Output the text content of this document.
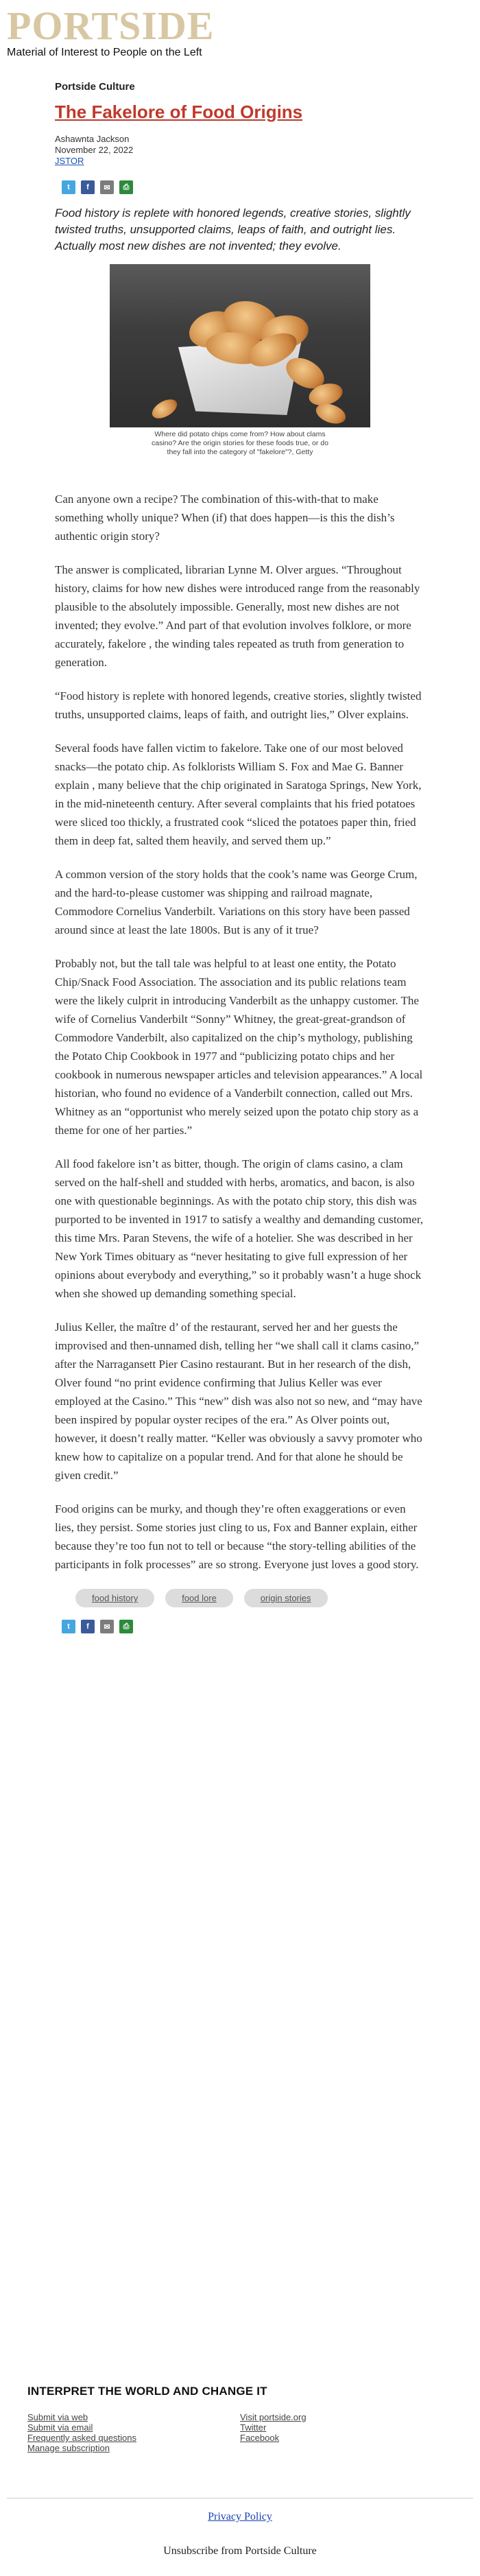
PORTSIDE
Material of Interest to People on the Left
Portside Culture
The Fakelore of Food Origins
Ashawnta Jackson
November 22, 2022
JSTOR
t f ✉ ⎙

Food history is replete with honored legends, creative stories, slightly twisted truths, unsupported claims, leaps of faith, and outright lies. Actually most new dishes are not invented; they evolve.

Where did potato chips come from? How about clams casino? Are the origin stories for these foods true, or do they fall into the category of "fakelore"?, Getty

Can anyone own a recipe? The combination of this-with-that to make something wholly unique? When (if) that does happen—is this the dish’s authentic origin story?

The answer is complicated, librarian Lynne M. Olver argues. “Throughout history, claims for how new dishes were introduced range from the reasonably plausible to the absolutely impossible. Generally, most new dishes are not invented; they evolve.” And part of that evolution involves folklore, or more accurately, fakelore , the winding tales repeated as truth from generation to generation.

“Food history is replete with honored legends, creative stories, slightly twisted truths, unsupported claims, leaps of faith, and outright lies,” Olver explains.

Several foods have fallen victim to fakelore. Take one of our most beloved snacks—the potato chip. As folklorists William S. Fox and Mae G. Banner explain , many believe that the chip originated in Saratoga Springs, New York, in the mid-nineteenth century. After several complaints that his fried potatoes were sliced too thickly, a frustrated cook “sliced the potatoes paper thin, fried them in deep fat, salted them heavily, and served them up.”

A common version of the story holds that the cook’s name was George Crum, and the hard-to-please customer was shipping and railroad magnate, Commodore Cornelius Vanderbilt. Variations on this story have been passed around since at least the late 1800s. But is any of it true?

Probably not, but the tall tale was helpful to at least one entity, the Potato Chip/Snack Food Association. The association and its public relations team were the likely culprit in introducing Vanderbilt as the unhappy customer. The wife of Cornelius Vanderbilt “Sonny” Whitney, the great-great-grandson of Commodore Vanderbilt, also capitalized on the chip’s mythology, publishing the Potato Chip Cookbook in 1977 and “publicizing potato chips and her cookbook in numerous newspaper articles and television appearances.” A local historian, who found no evidence of a Vanderbilt connection, called out Mrs. Whitney as an “opportunist who merely seized upon the potato chip story as a theme for one of her parties.”

All food fakelore isn’t as bitter, though. The origin of clams casino, a clam served on the half-shell and studded with herbs, aromatics, and bacon, is also one with questionable beginnings. As with the potato chip story, this dish was purported to be invented in 1917 to satisfy a wealthy and demanding customer, this time Mrs. Paran Stevens, the wife of a hotelier. She was described in her New York Times obituary as “never hesitating to give full expression of her opinions about everybody and everything,” so it probably wasn’t a huge shock when she showed up demanding something special.

Julius Keller, the maître d’ of the restaurant, served her and her guests the improvised and then-unnamed dish, telling her “we shall call it clams casino,” after the Narragansett Pier Casino restaurant. But in her research of the dish, Olver found “no print evidence confirming that Julius Keller was ever employed at the Casino.” This “new” dish was also not so new, and “may have been inspired by popular oyster recipes of the era.” As Olver points out, however, it doesn’t really matter. “Keller was obviously a savvy promoter who knew how to capitalize on a popular trend. And for that alone he should be given credit.”

Food origins can be murky, and though they’re often exaggerations or even lies, they persist. Some stories just cling to us, Fox and Banner explain, either because they’re too fun not to tell or because “the story-telling abilities of the participants in folk processes” are so strong. Everyone just loves a good story.

food history	food lore	origin stories
t f ✉ ⎙
INTERPRET THE WORLD AND CHANGE IT
Submit via web
Submit via email
Frequently asked questions
Manage subscription
Visit portside.org
Twitter
Facebook
Privacy Policy
Unsubscribe from Portside Culture
